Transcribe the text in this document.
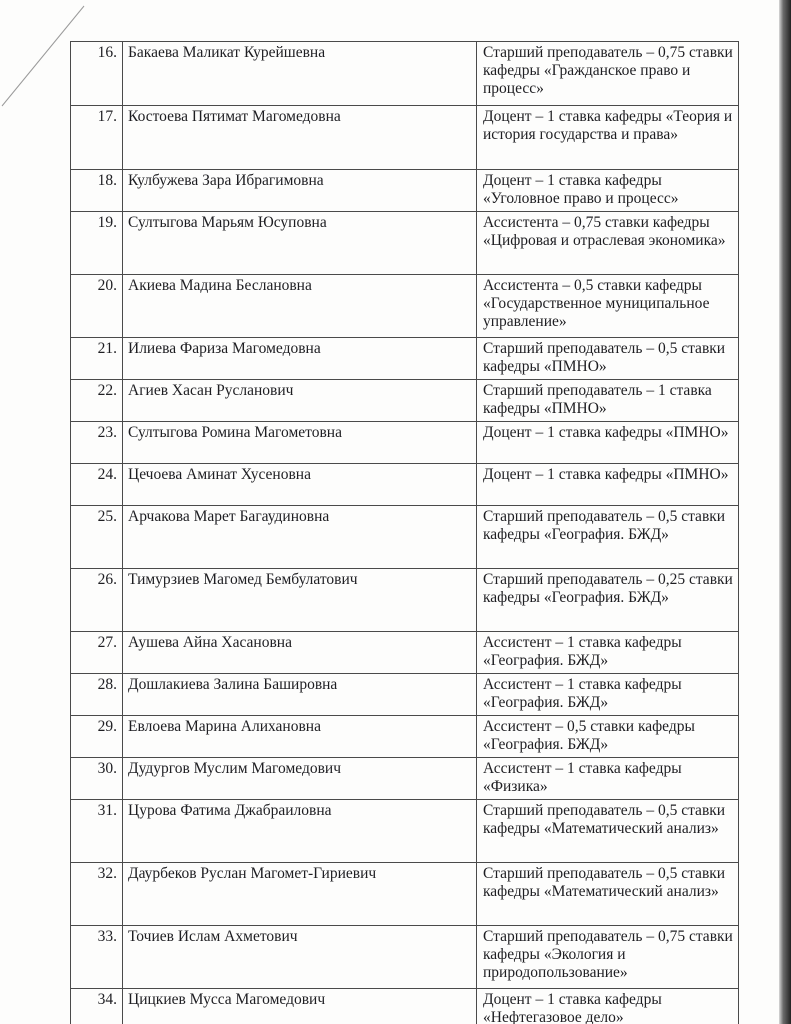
16.	Бакаева Маликат Курейшевна	Старший преподаватель – 0,75 ставки кафедры «Гражданское право и процесс»
17.	Костоева Пятимат Магомедовна	Доцент – 1 ставка кафедры «Теория и история государства и права»
18.	Кулбужева Зара Ибрагимовна	Доцент – 1 ставка кафедры «Уголовное право и процесс»
19.	Султыгова Марьям Юсуповна	Ассистента – 0,75 ставки кафедры «Цифровая и отраслевая экономика»
20.	Акиева Мадина Беслановна	Ассистента – 0,5 ставки кафедры «Государственное муниципальное управление»
21.	Илиева Фариза Магомедовна	Старший преподаватель – 0,5 ставки кафедры «ПМНО»
22.	Агиев Хасан Русланович	Старший преподаватель – 1 ставка кафедры «ПМНО»
23.	Султыгова Ромина Магометовна	Доцент – 1 ставка кафедры «ПМНО»
24.	Цечоева Аминат Хусеновна	Доцент – 1 ставка кафедры «ПМНО»
25.	Арчакова Марет Багаудиновна	Старший преподаватель – 0,5 ставки кафедры «География. БЖД»
26.	Тимурзиев Магомед Бембулатович	Старший преподаватель – 0,25 ставки кафедры «География. БЖД»
27.	Аушева Айна Хасановна	Ассистент – 1 ставка кафедры «География. БЖД»
28.	Дошлакиева Залина Башировна	Ассистент – 1 ставка кафедры «География. БЖД»
29.	Евлоева Марина Алихановна	Ассистент – 0,5 ставки кафедры «География. БЖД»
30.	Дудургов Муслим Магомедович	Ассистент – 1 ставка кафедры «Физика»
31.	Цурова Фатима Джабраиловна	Старший преподаватель – 0,5 ставки кафедры «Математический анализ»
32.	Даурбеков Руслан Магомет-Гириевич	Старший преподаватель – 0,5 ставки кафедры «Математический анализ»
33.	Точиев Ислам Ахметович	Старший преподаватель – 0,75 ставки кафедры «Экология и природопользование»
34.	Цицкиев Мусса Магомедович	Доцент – 1 ставка кафедры «Нефтегазовое дело»
